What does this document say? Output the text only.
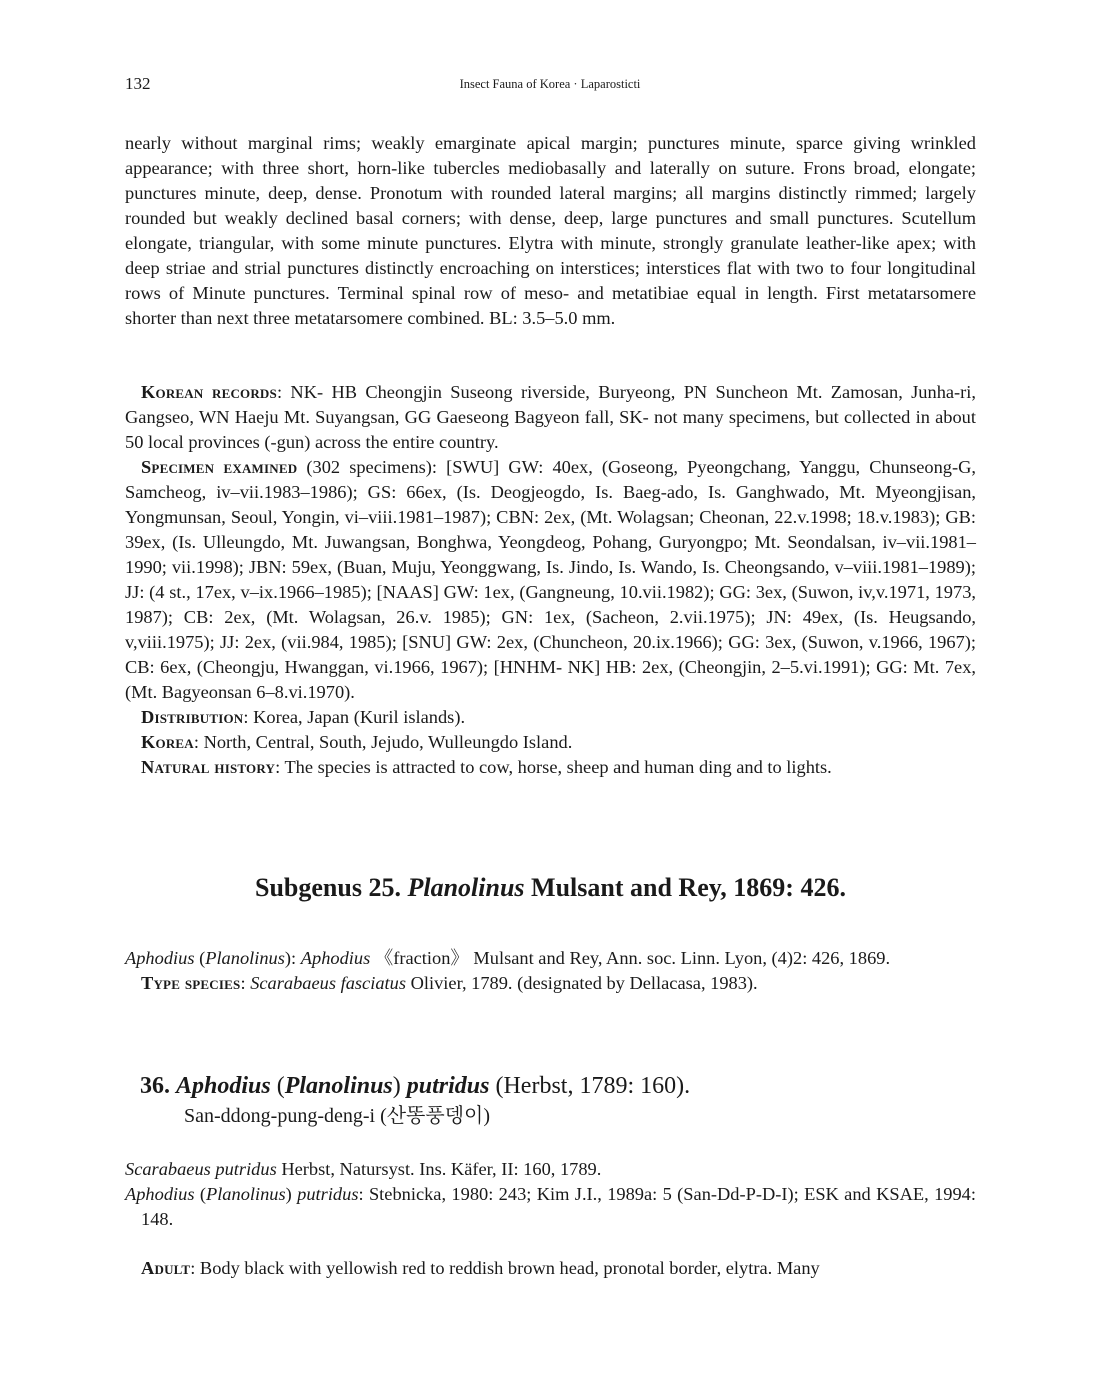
132	Insect Fauna of Korea · Laparosticti

nearly without marginal rims; weakly emarginate apical margin; punctures minute, sparce giving wrinkled appearance; with three short, horn-like tubercles mediobasally and laterally on suture. Frons broad, elongate; punctures minute, deep, dense. Pronotum with rounded lateral margins; all margins distinctly rimmed; largely rounded but weakly declined basal corners; with dense, deep, large punctures and small punctures. Scutellum elongate, triangular, with some minute punctures. Elytra with minute, strongly granulate leather-like apex; with deep striae and strial punctures distinctly encroaching on interstices; interstices flat with two to four longitudinal rows of Minute punctures. Terminal spinal row of meso- and metatibiae equal in length. First metatarsomere shorter than next three metatarsomere combined. BL: 3.5–5.0 mm.

Korean records: NK- HB Cheongjin Suseong riverside, Buryeong, PN Suncheon Mt. Zamosan, Junha-ri, Gangseo, WN Haeju Mt. Suyangsan, GG Gaeseong Bagyeon fall, SK- not many specimens, but collected in about 50 local provinces (-gun) across the entire country.

Specimen examined (302 specimens): [SWU] GW: 40ex, (Goseong, Pyeongchang, Yanggu, Chunseong-G, Samcheog, iv–vii.1983–1986); GS: 66ex, (Is. Deogjeogdo, Is. Baeg-ado, Is. Ganghwado, Mt. Myeongjisan, Yongmunsan, Seoul, Yongin, vi–viii.1981–1987); CBN: 2ex, (Mt. Wolagsan; Cheonan, 22.v.1998; 18.v.1983); GB: 39ex, (Is. Ulleungdo, Mt. Juwangsan, Bonghwa, Yeongdeog, Pohang, Guryongpo; Mt. Seondalsan, iv–vii.1981–1990; vii.1998); JBN: 59ex, (Buan, Muju, Yeonggwang, Is. Jindo, Is. Wando, Is. Cheongsando, v–viii.1981–1989); JJ: (4 st., 17ex, v–ix.1966–1985); [NAAS] GW: 1ex, (Gangneung, 10.vii.1982); GG: 3ex, (Suwon, iv,v.1971, 1973, 1987); CB: 2ex, (Mt. Wolagsan, 26.v. 1985); GN: 1ex, (Sacheon, 2.vii.1975); JN: 49ex, (Is. Heugsando, v,viii.1975); JJ: 2ex, (vii.984, 1985); [SNU] GW: 2ex, (Chuncheon, 20.ix.1966); GG: 3ex, (Suwon, v.1966, 1967); CB: 6ex, (Cheongju, Hwanggan, vi.1966, 1967); [HNHM- NK] HB: 2ex, (Cheongjin, 2–5.vi.1991); GG: Mt. 7ex, (Mt. Bagyeonsan 6–8.vi.1970).

Distribution: Korea, Japan (Kuril islands).

Korea: North, Central, South, Jejudo, Wulleungdo Island.

Natural history: The species is attracted to cow, horse, sheep and human ding and to lights.

Subgenus 25. Planolinus Mulsant and Rey, 1869: 426.

Aphodius (Planolinus): Aphodius 《fraction》 Mulsant and Rey, Ann. soc. Linn. Lyon, (4)2: 426, 1869.

Type species: Scarabaeus fasciatus Olivier, 1789. (designated by Dellacasa, 1983).

36. Aphodius (Planolinus) putridus (Herbst, 1789: 160).
San-ddong-pung-deng-i (산똥풍뎅이)

Scarabaeus putridus Herbst, Natursyst. Ins. Käfer, II: 160, 1789.

Aphodius (Planolinus) putridus: Stebnicka, 1980: 243; Kim J.I., 1989a: 5 (San-Dd-P-D-I); ESK and KSAE, 1994: 148.

Adult: Body black with yellowish red to reddish brown head, pronotal border, elytra. Many
